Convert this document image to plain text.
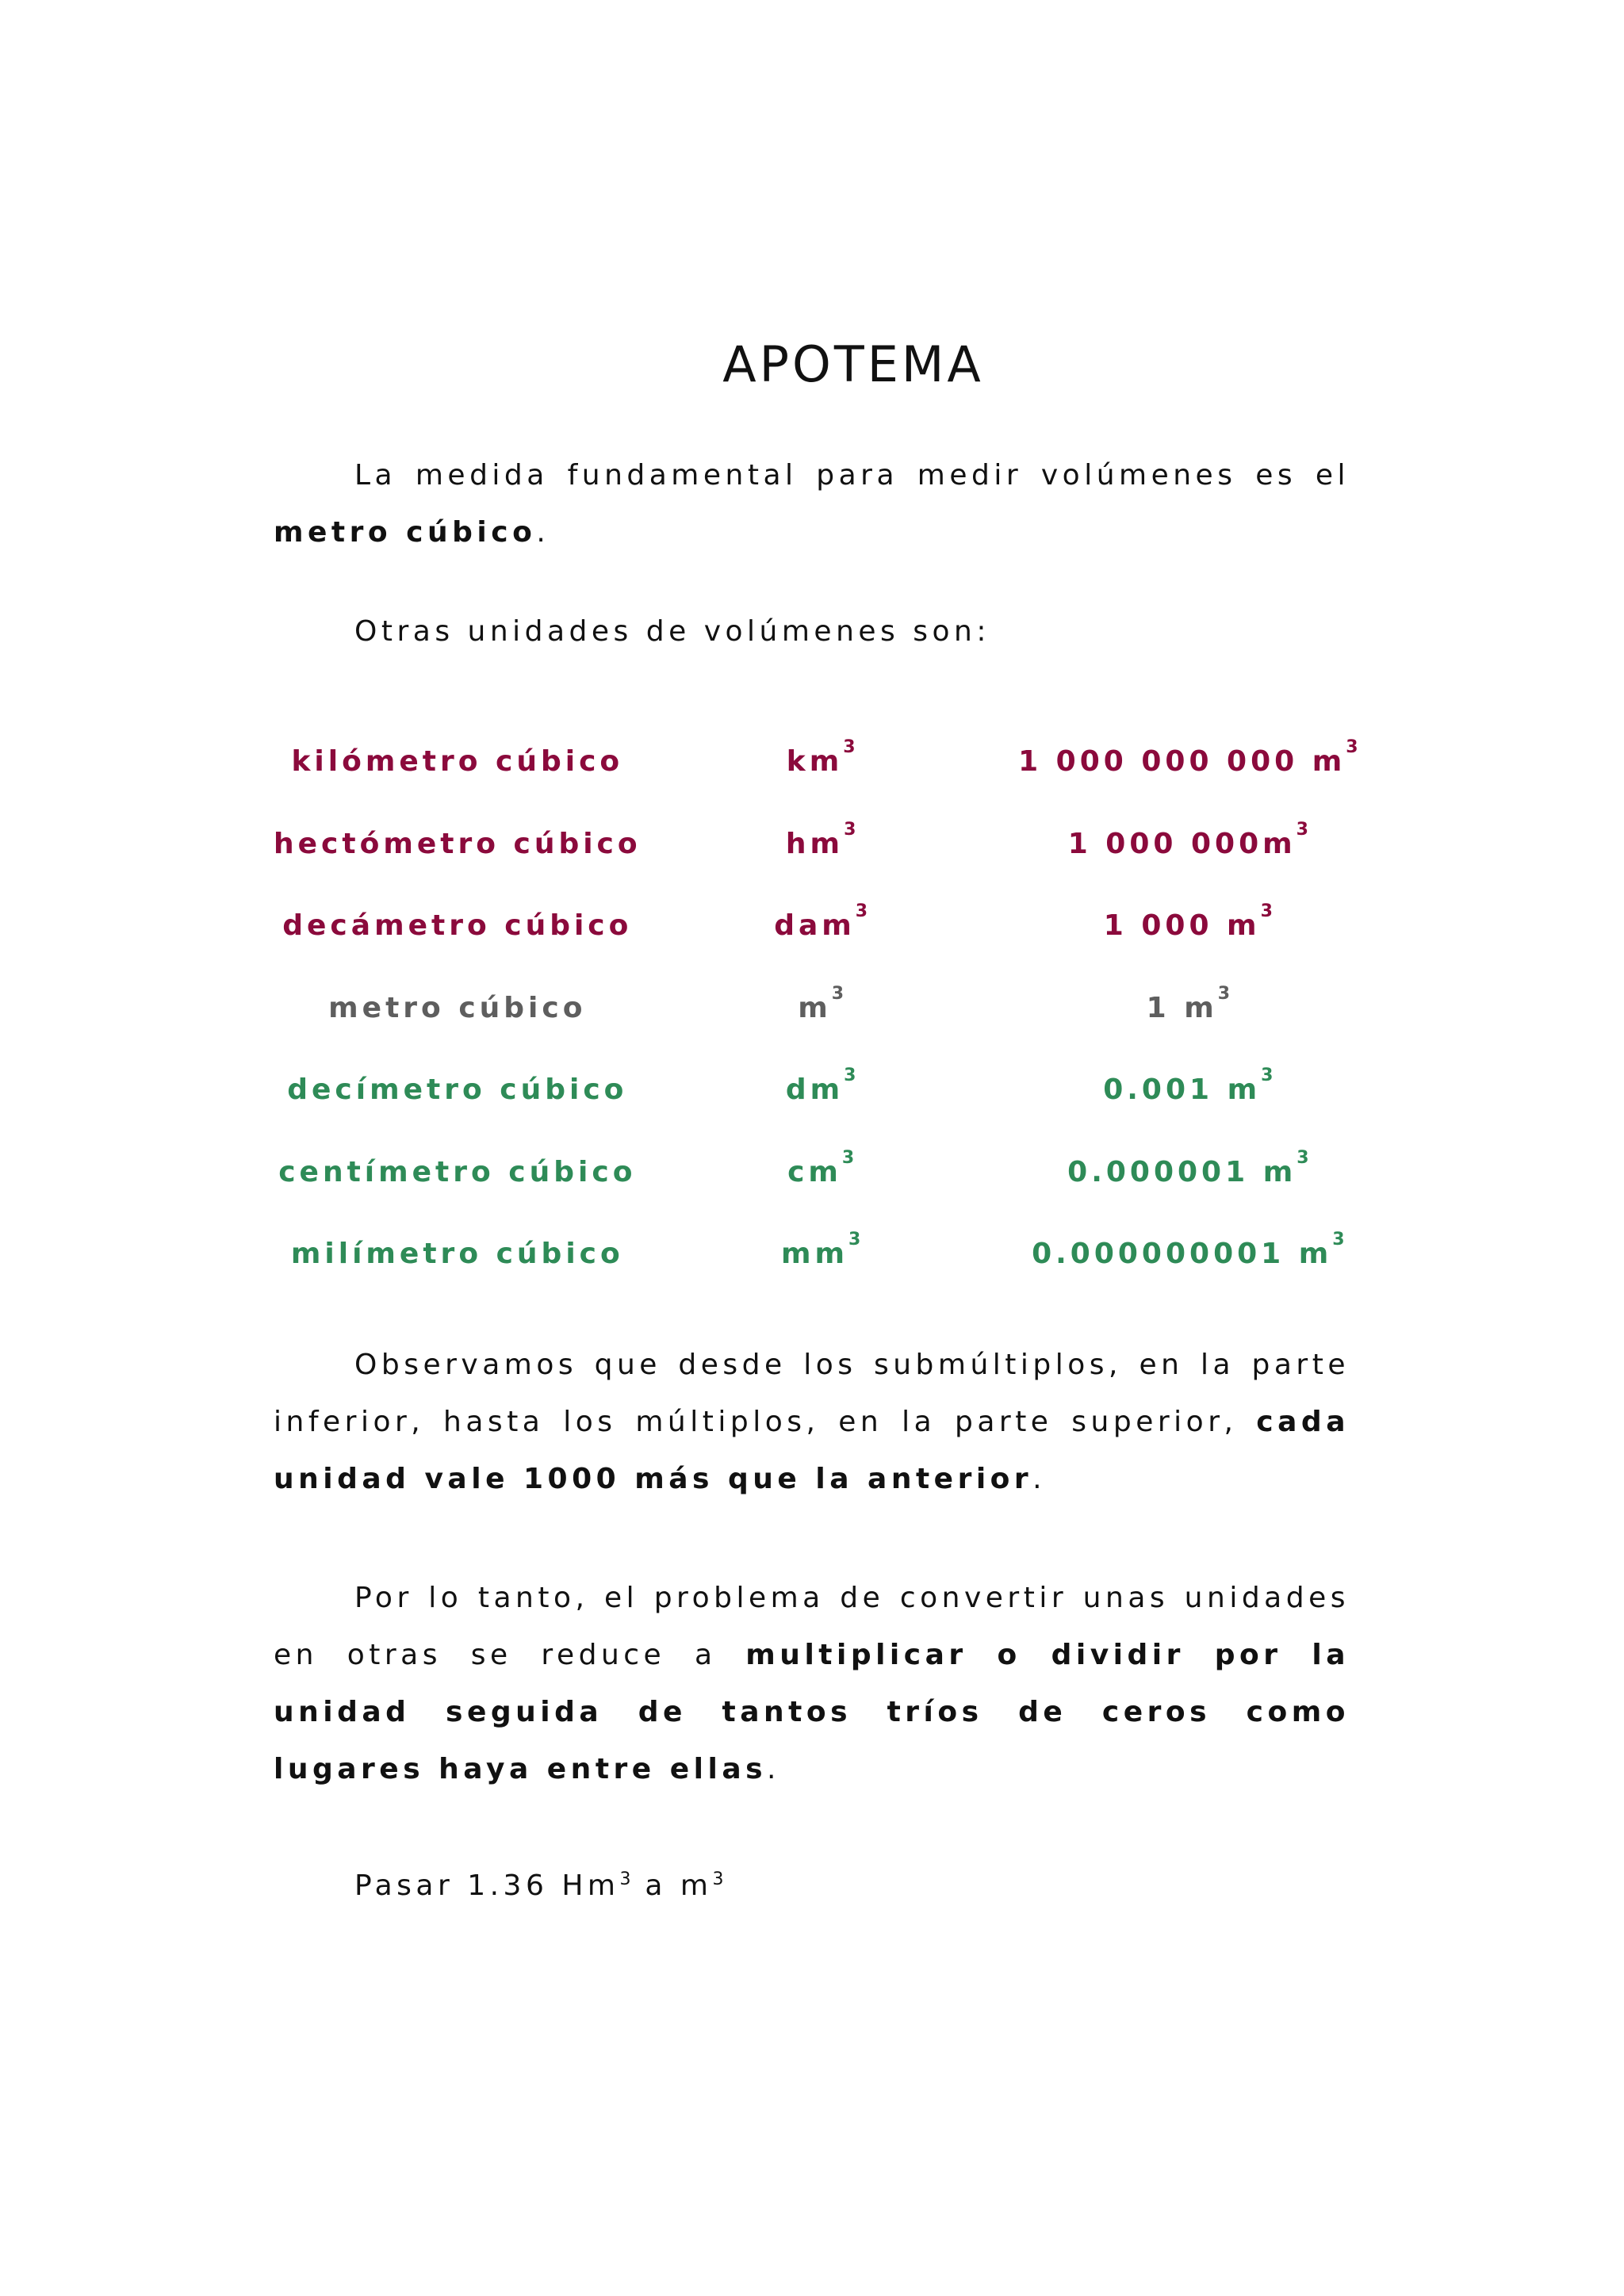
APOTEMA

La medida fundamental para medir volúmenes es el metro cúbico.

Otras unidades de volúmenes son:

kilómetro cúbico	$km^3$	1 000 000 000 $m^3$
hectómetro cúbico	$hm^3$	1 000 $000m^3$
decámetro cúbico	dam$^3$	1 000 $m^3$
metro cúbico	$m^3$	1 $m^3$
decímetro cúbico	$dm^3$	0.001 $m^3$
centímetro cúbico	$cm^3$	0.000001 $m^3$
milímetro cúbico	$mm^3$	0.000000001 $m^3$

Observamos que desde los submúltiplos, en la parte inferior, hasta los múltiplos, en la parte superior, cada unidad vale 1000 más que la anterior.

Por lo tanto, el problema de convertir unas unidades en otras se reduce a multiplicar o dividir por la unidad seguida de tantos tríos de ceros como lugares haya entre ellas.

Pasar 1.36 Hm$^3$ a $m^3$
